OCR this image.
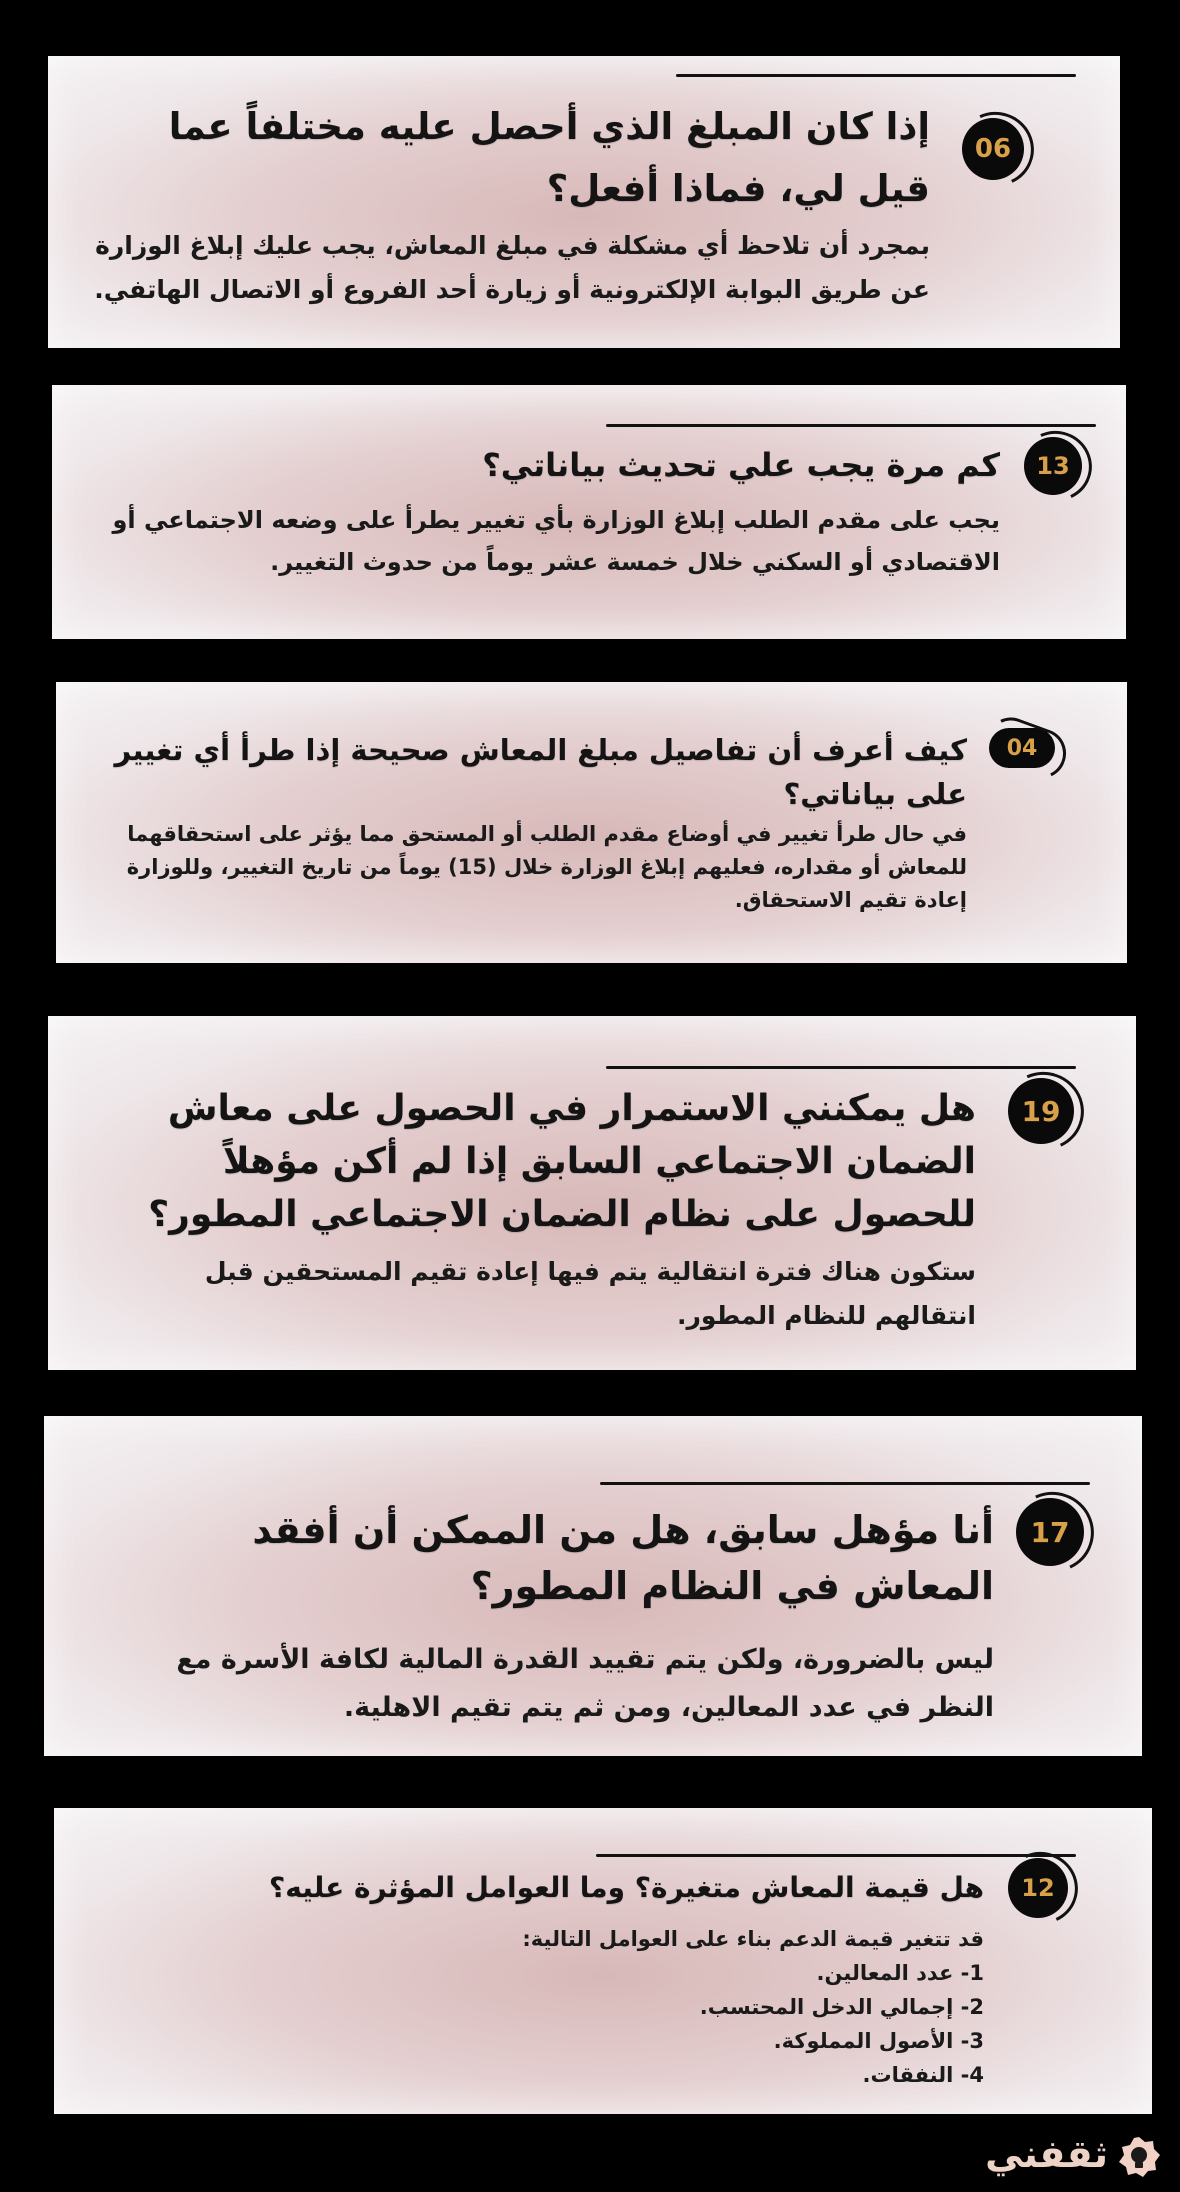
06
إذا كان المبلغ الذي أحصل عليه مختلفاً عما قيل لي، فماذا أفعل؟
بمجرد أن تلاحظ أي مشكلة في مبلغ المعاش، يجب عليك إبلاغ الوزارة عن طريق البوابة الإلكترونية أو زيارة أحد الفروع أو الاتصال الهاتفي.
13
كم مرة يجب علي تحديث بياناتي؟
يجب على مقدم الطلب إبلاغ الوزارة بأي تغيير يطرأ على وضعه الاجتماعي أو الاقتصادي أو السكني خلال خمسة عشر يوماً من حدوث التغيير.
04
كيف أعرف أن تفاصيل مبلغ المعاش صحيحة إذا طرأ أي تغيير على بياناتي؟
في حال طرأ تغيير في أوضاع مقدم الطلب أو المستحق مما يؤثر على استحقاقهما للمعاش أو مقداره، فعليهم إبلاغ الوزارة خلال (15) يوماً من تاريخ التغيير، وللوزارة إعادة تقيم الاستحقاق.
19
هل يمكنني الاستمرار في الحصول على معاش الضمان الاجتماعي السابق إذا لم أكن مؤهلاً للحصول على نظام الضمان الاجتماعي المطور؟
ستكون هناك فترة انتقالية يتم فيها إعادة تقيم المستحقين قبل انتقالهم للنظام المطور.
17
أنا مؤهل سابق، هل من الممكن أن أفقد المعاش في النظام المطور؟
ليس بالضرورة، ولكن يتم تقييد القدرة المالية لكافة الأسرة مع النظر في عدد المعالين، ومن ثم يتم تقيم الاهلية.
12
هل قيمة المعاش متغيرة؟ وما العوامل المؤثرة عليه؟
قد تتغير قيمة الدعم بناء على العوامل التالية:
1- عدد المعالين.
2- إجمالي الدخل المحتسب.
3- الأصول المملوكة.
4- النفقات.
ثقفني
